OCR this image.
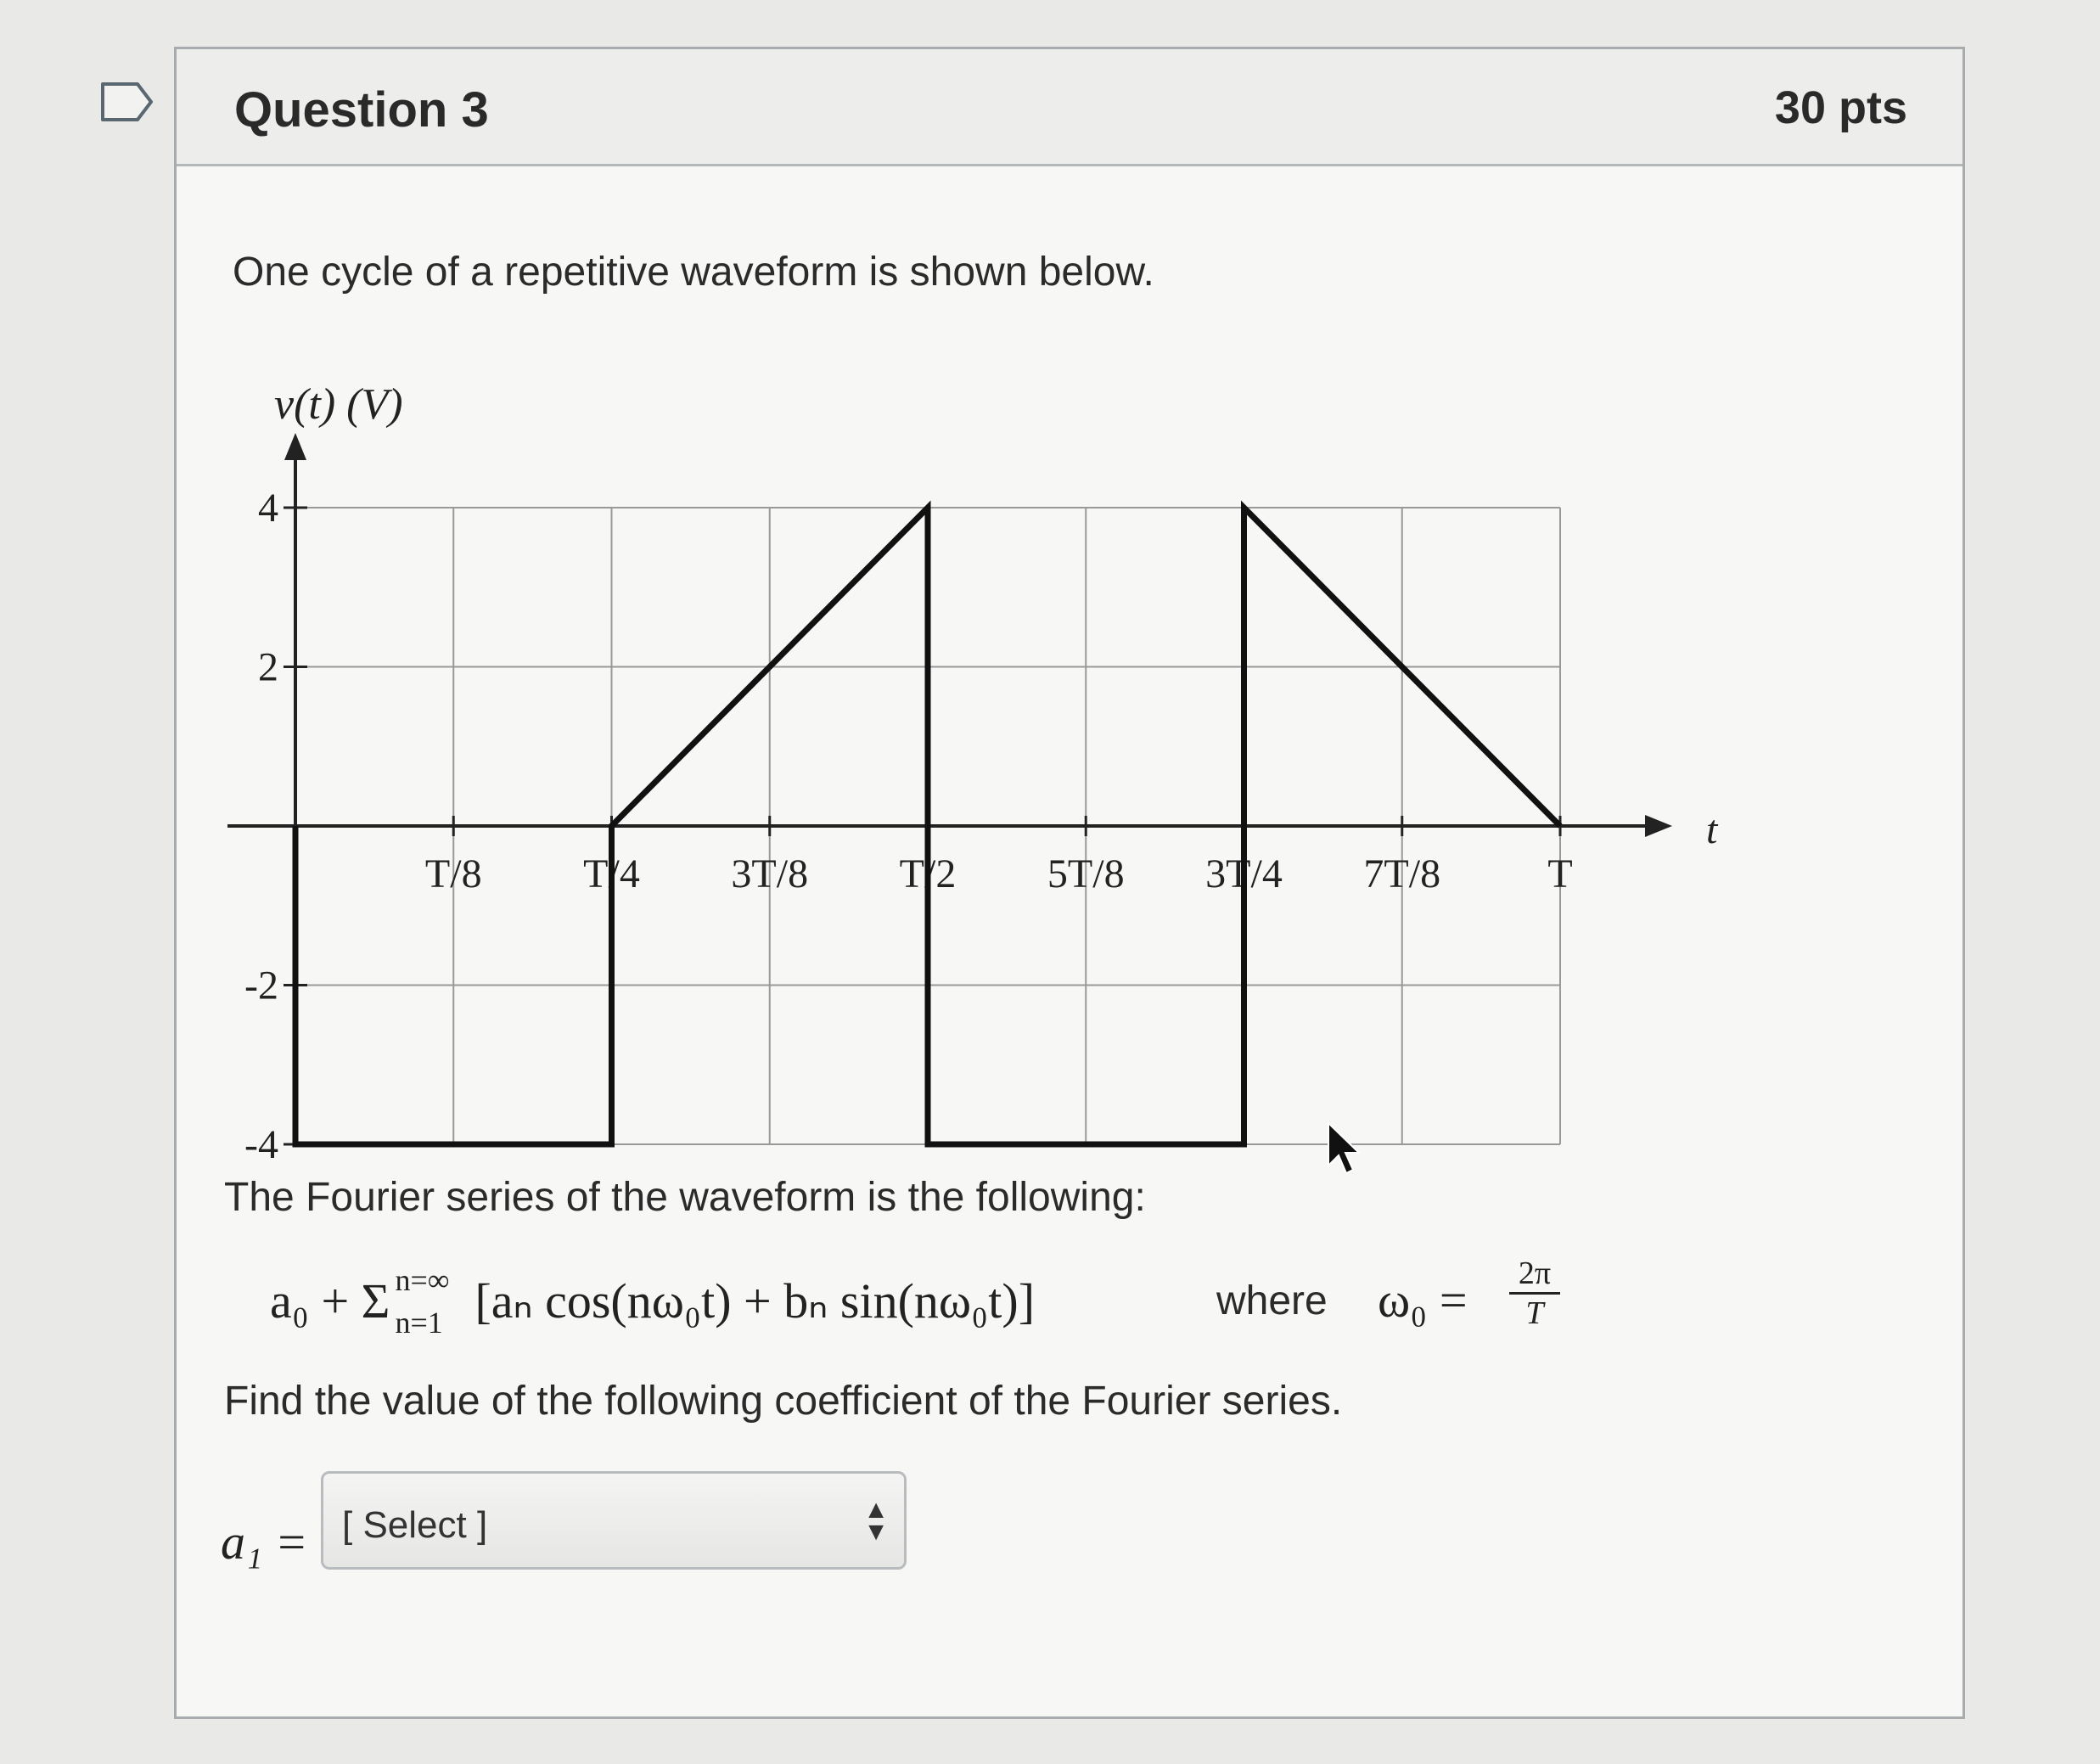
Question 3	30 pts
One cycle of a repetitive waveform is shown below.
v(t) (V)
t
4
2
-2
-4
T/8 T/4 3T/8 T/2 5T/8 3T/4 7T/8	T
The Fourier series of the waveform is the following:
a₀ + Σ n=∞
n=1 [aₙ cos(nω₀t) + bₙ sin(nω₀t)]	where $\omega_0 = \frac{2\pi}{T}$
Find the value of the following coefficient of the Fourier series.
a₁ = [ Select ]	▲
▼
